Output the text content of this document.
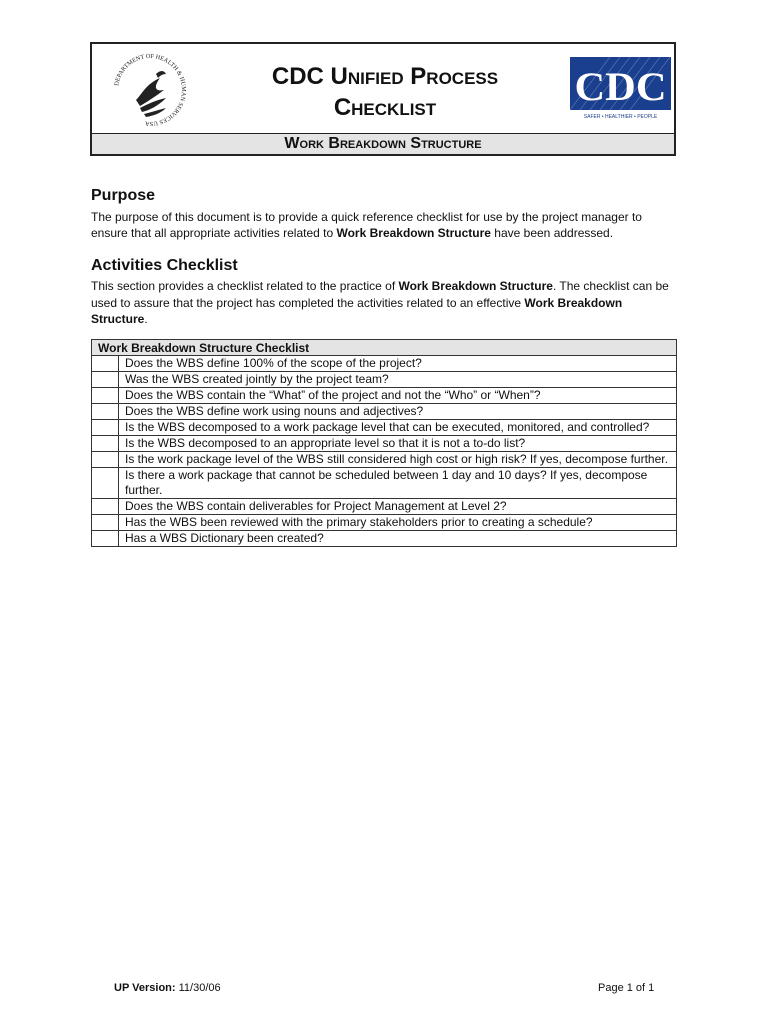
DEPARTMENT OF HEALTH & HUMAN SERVICES USA
CDC Unified Process
Checklist	CDC
SAFER • HEALTHIER • PEOPLE
Work Breakdown Structure
Purpose

The purpose of this document is to provide a quick reference checklist for use by the project manager to ensure that all appropriate activities related to Work Breakdown Structure have been addressed.

Activities Checklist

This section provides a checklist related to the practice of Work Breakdown Structure. The checklist can be used to assure that the project has completed the activities related to an effective Work Breakdown Structure.

Work Breakdown Structure Checklist	
	Does the WBS define 100% of the scope of the project?
	Was the WBS created jointly by the project team?
	Does the WBS contain the “What” of the project and not the “Who” or “When”?
	Does the WBS define work using nouns and adjectives?
	Is the WBS decomposed to a work package level that can be executed, monitored, and controlled?
	Is the WBS decomposed to an appropriate level so that it is not a to-do list?
	Is the work package level of the WBS still considered high cost or high risk? If yes, decompose further.
	Is there a work package that cannot be scheduled between 1 day and 10 days? If yes, decompose further.
	Does the WBS contain deliverables for Project Management at Level 2?
	Has the WBS been reviewed with the primary stakeholders prior to creating a schedule?
	Has a WBS Dictionary been created?
UP Version: 11/30/06	Page 1 of 1
